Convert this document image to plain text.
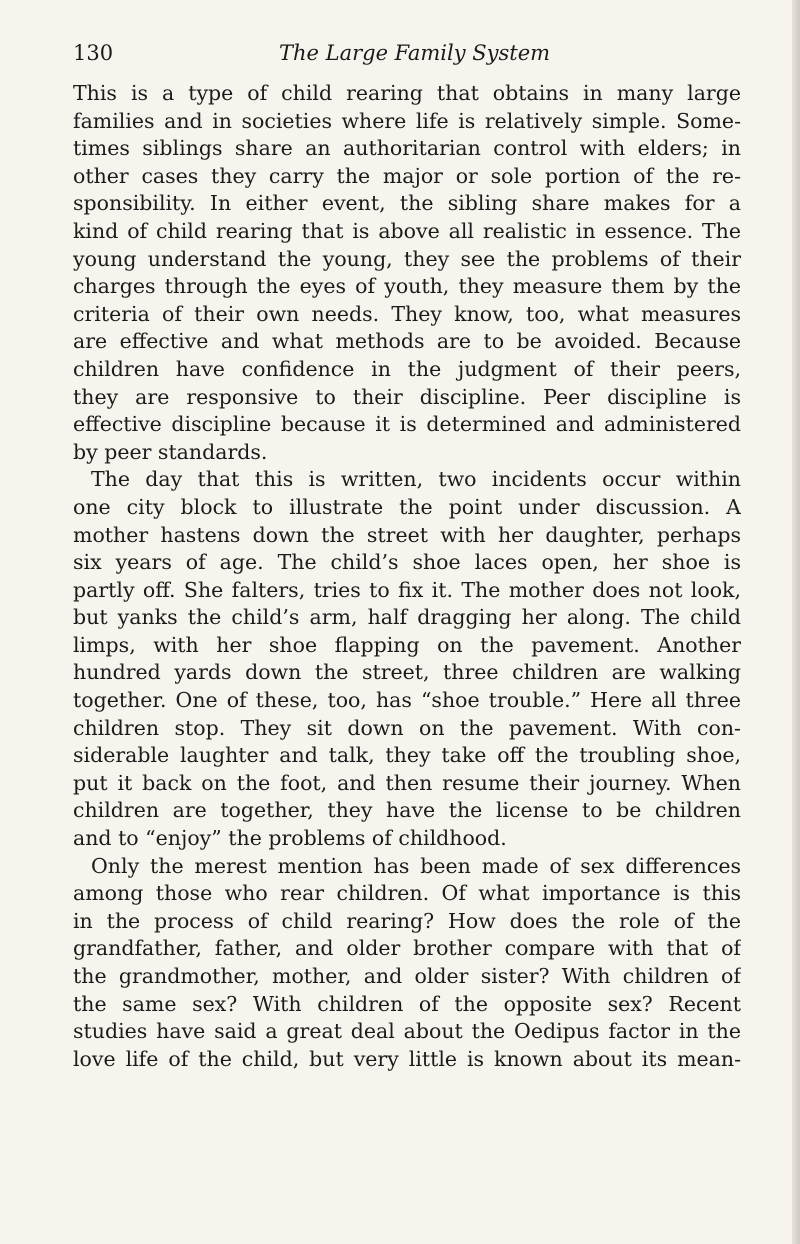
130	The Large Family System
This is a type of child rearing that obtains in many large
families and in societies where life is relatively simple. Some-
times siblings share an authoritarian control with elders; in
other cases they carry the major or sole portion of the re-
sponsibility. In either event, the sibling share makes for a
kind of child rearing that is above all realistic in essence. The
young understand the young, they see the problems of their
charges through the eyes of youth, they measure them by the
criteria of their own needs. They know, too, what measures
are effective and what methods are to be avoided. Because
children have confidence in the judgment of their peers,
they are responsive to their discipline. Peer discipline is
effective discipline because it is determined and administered
by peer standards.
The day that this is written, two incidents occur within
one city block to illustrate the point under discussion. A
mother hastens down the street with her daughter, perhaps
six years of age. The child’s shoe laces open, her shoe is
partly off. She falters, tries to fix it. The mother does not look,
but yanks the child’s arm, half dragging her along. The child
limps, with her shoe flapping on the pavement. Another
hundred yards down the street, three children are walking
together. One of these, too, has “shoe trouble.” Here all three
children stop. They sit down on the pavement. With con-
siderable laughter and talk, they take off the troubling shoe,
put it back on the foot, and then resume their journey. When
children are together, they have the license to be children
and to “enjoy” the problems of childhood.
Only the merest mention has been made of sex differences
among those who rear children. Of what importance is this
in the process of child rearing? How does the role of the
grandfather, father, and older brother compare with that of
the grandmother, mother, and older sister? With children of
the same sex? With children of the opposite sex? Recent
studies have said a great deal about the Oedipus factor in the
love life of the child, but very little is known about its mean-
